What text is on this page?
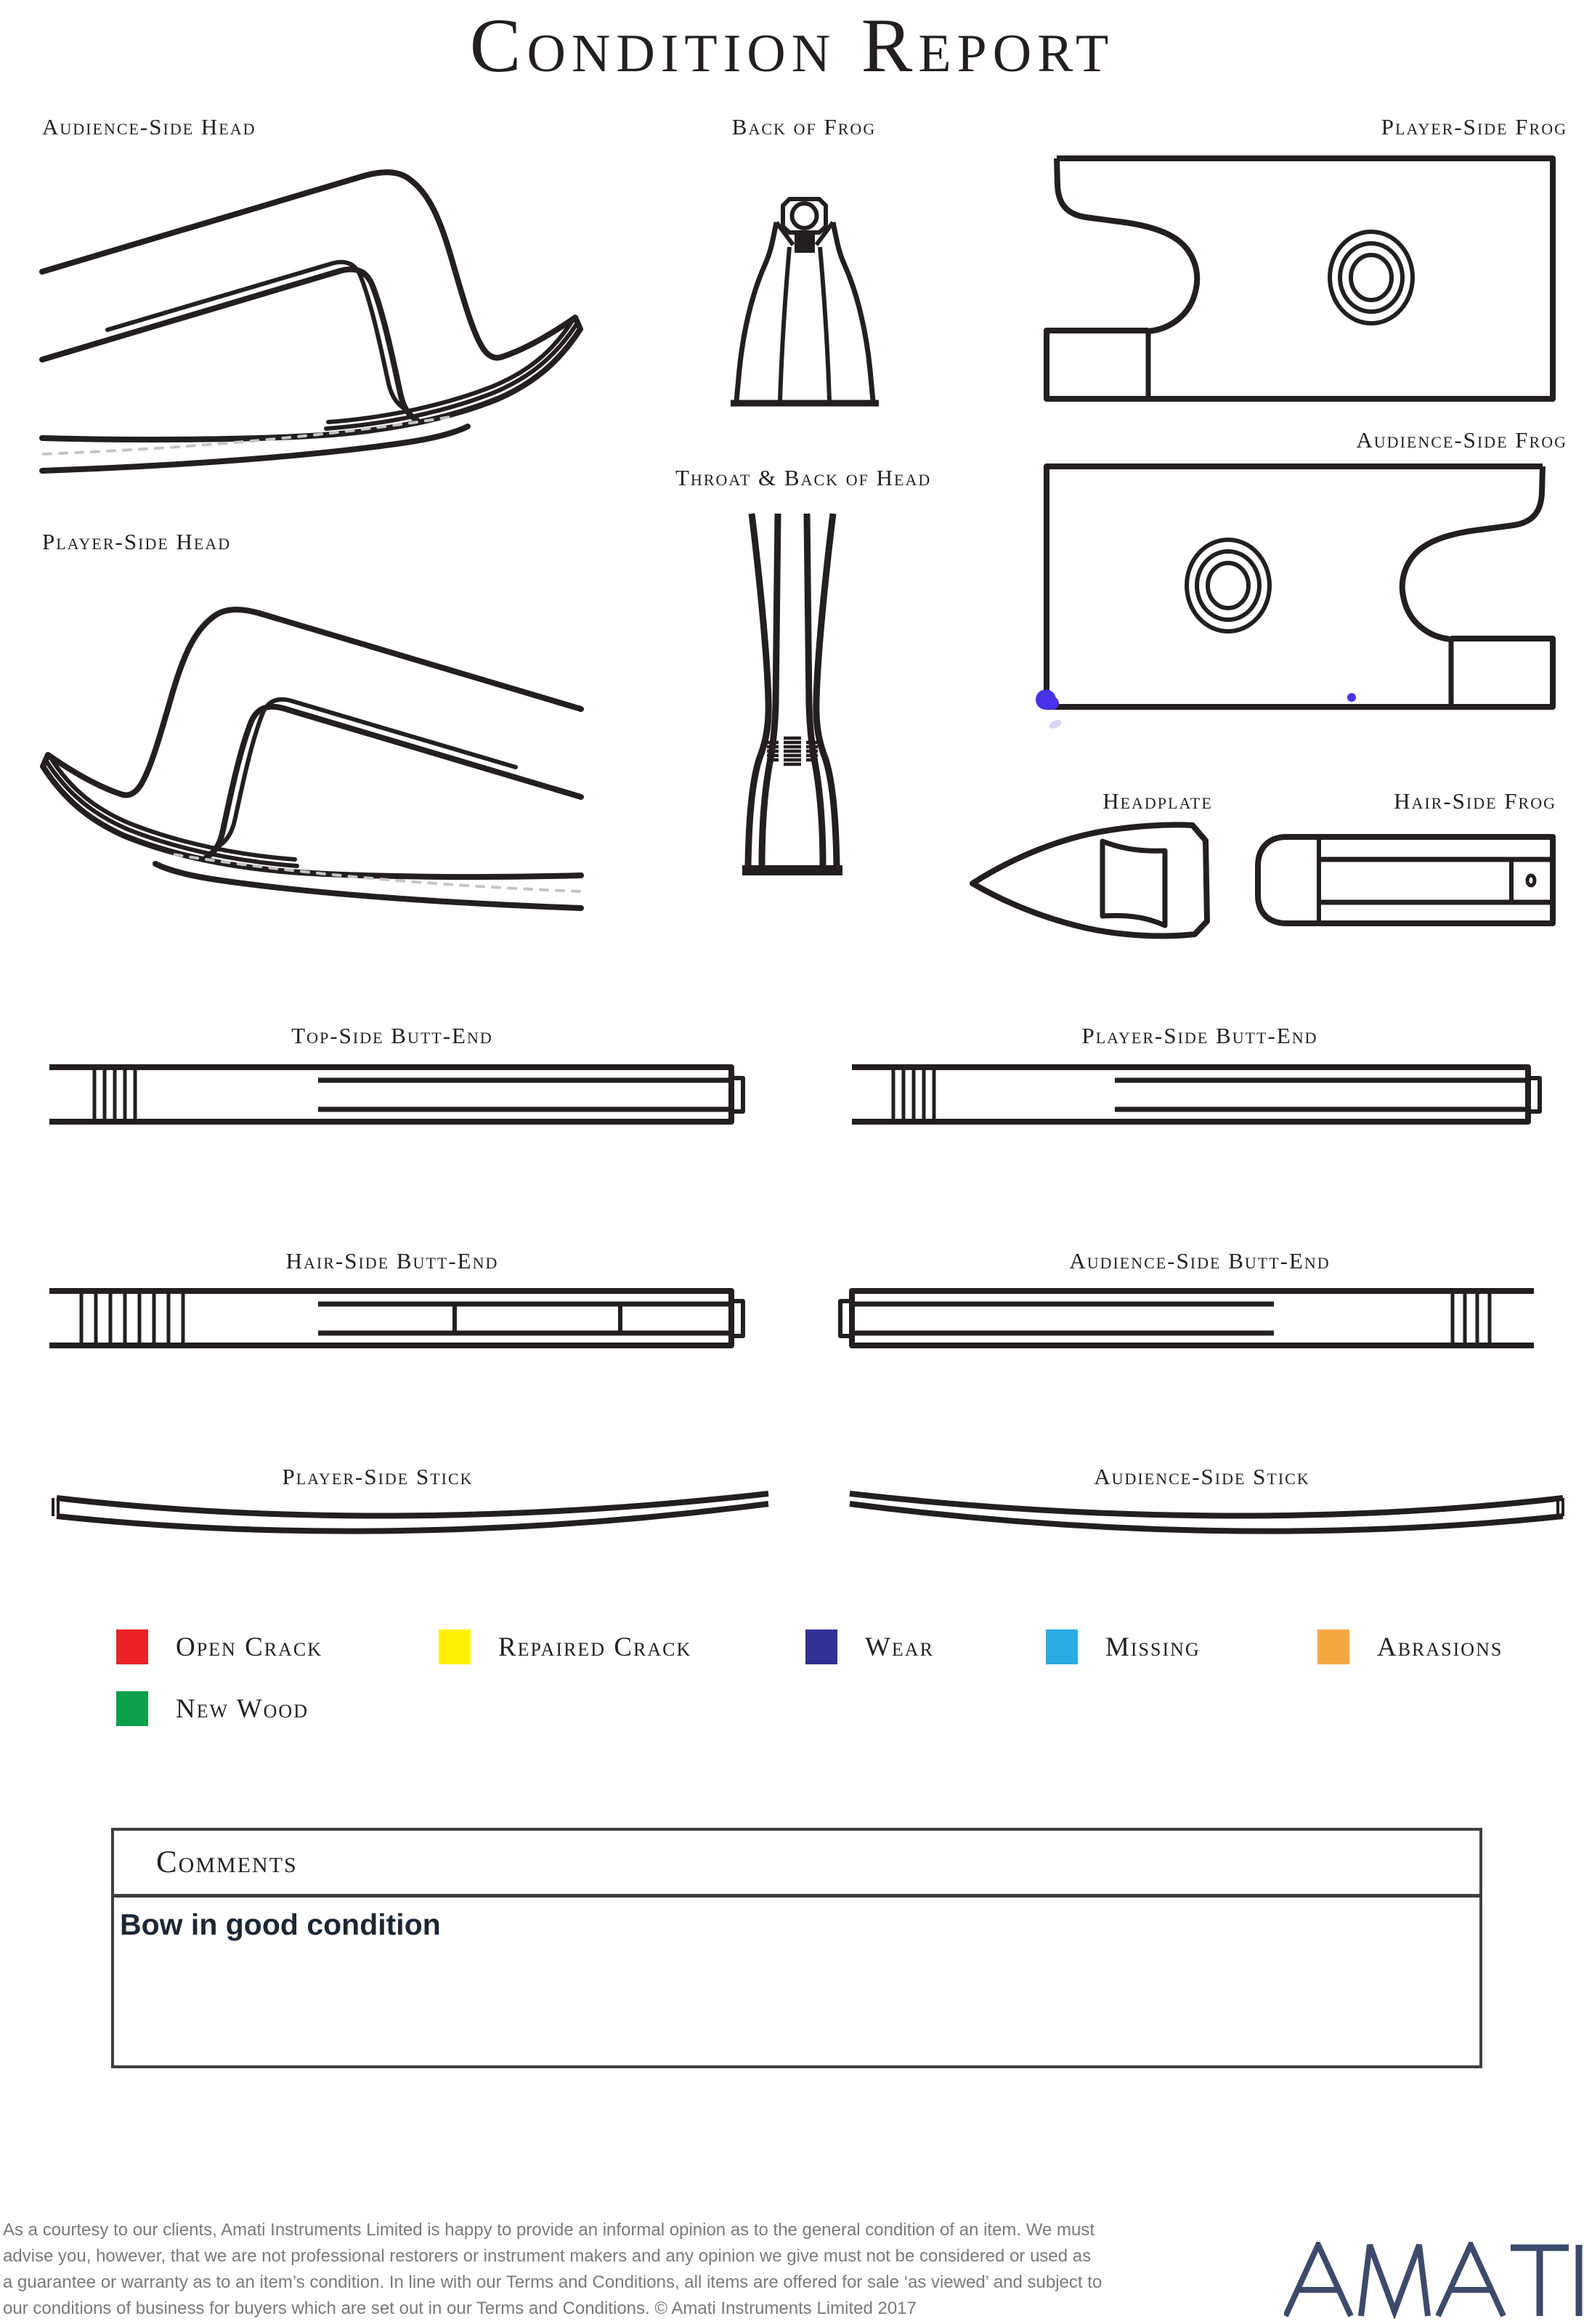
Condition Report
Audience-Side Head	Back of Frog	Player-Side Frog
Audience-Side Frog
Player-Side Head
Throat & Back of Head
Headplate	Hair-Side Frog
Top-Side Butt-End	Player-Side Butt-End
Hair-Side Butt-End	Audience-Side Butt-End
Player-Side Stick	Audience-Side Stick
Open Crack	Repaired Crack	Wear	Missing	Abrasions
New Wood
Comments
Bow in good condition
As a courtesy to our clients, Amati Instruments Limited is happy to provide an informal opinion as to the general condition of an item. We must
advise you, however, that we are not professional restorers or instrument makers and any opinion we give must not be considered or used as
a guarantee or warranty as to an item’s condition. In line with our Terms and Conditions, all items are offered for sale ‘as viewed’ and subject to
our conditions of business for buyers which are set out in our Terms and Conditions. © Amati Instruments Limited 2017
